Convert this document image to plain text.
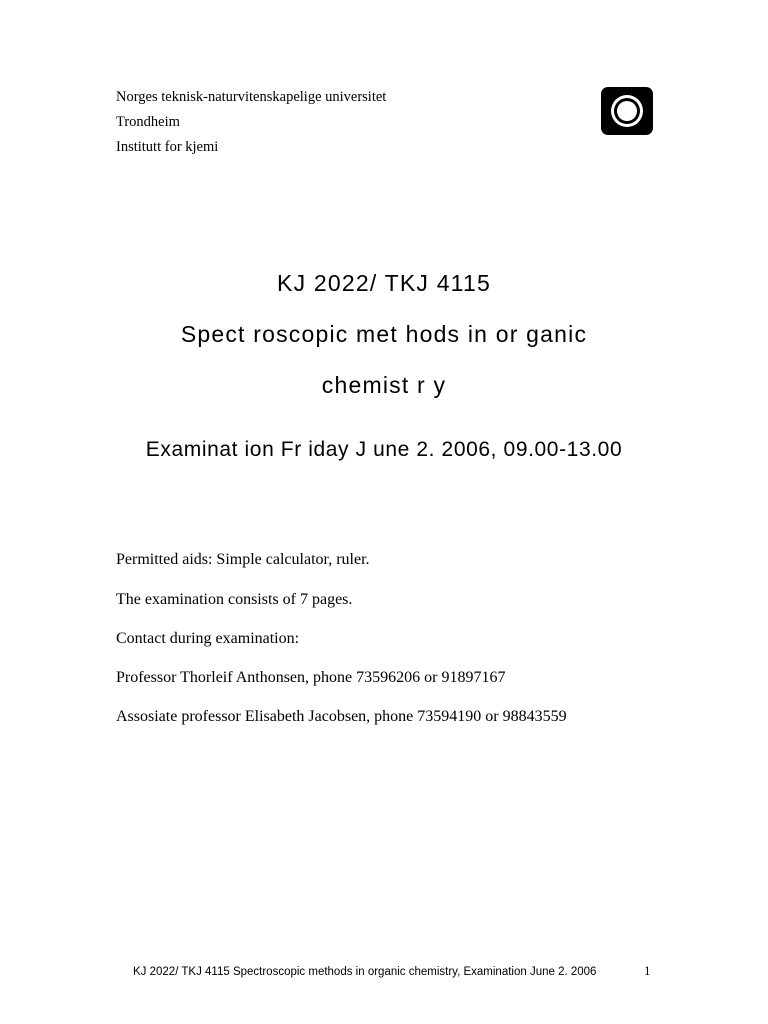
Norges teknisk-naturvitenskapelige universitet
Trondheim
Institutt for kjemi
KJ 2022/ TKJ 4115
Spect roscopic met hods in or ganic
chemist r y
Examinat ion Fr iday J une 2. 2006, 09.00-13.00
Permitted aids: Simple calculator, ruler.
The examination consists of 7 pages.
Contact during examination:
Professor Thorleif Anthonsen, phone 73596206 or 91897167
Assosiate professor Elisabeth Jacobsen, phone 73594190 or 98843559
KJ 2022/ TKJ 4115 Spectroscopic methods in organic chemistry, Examination June 2. 2006	1
